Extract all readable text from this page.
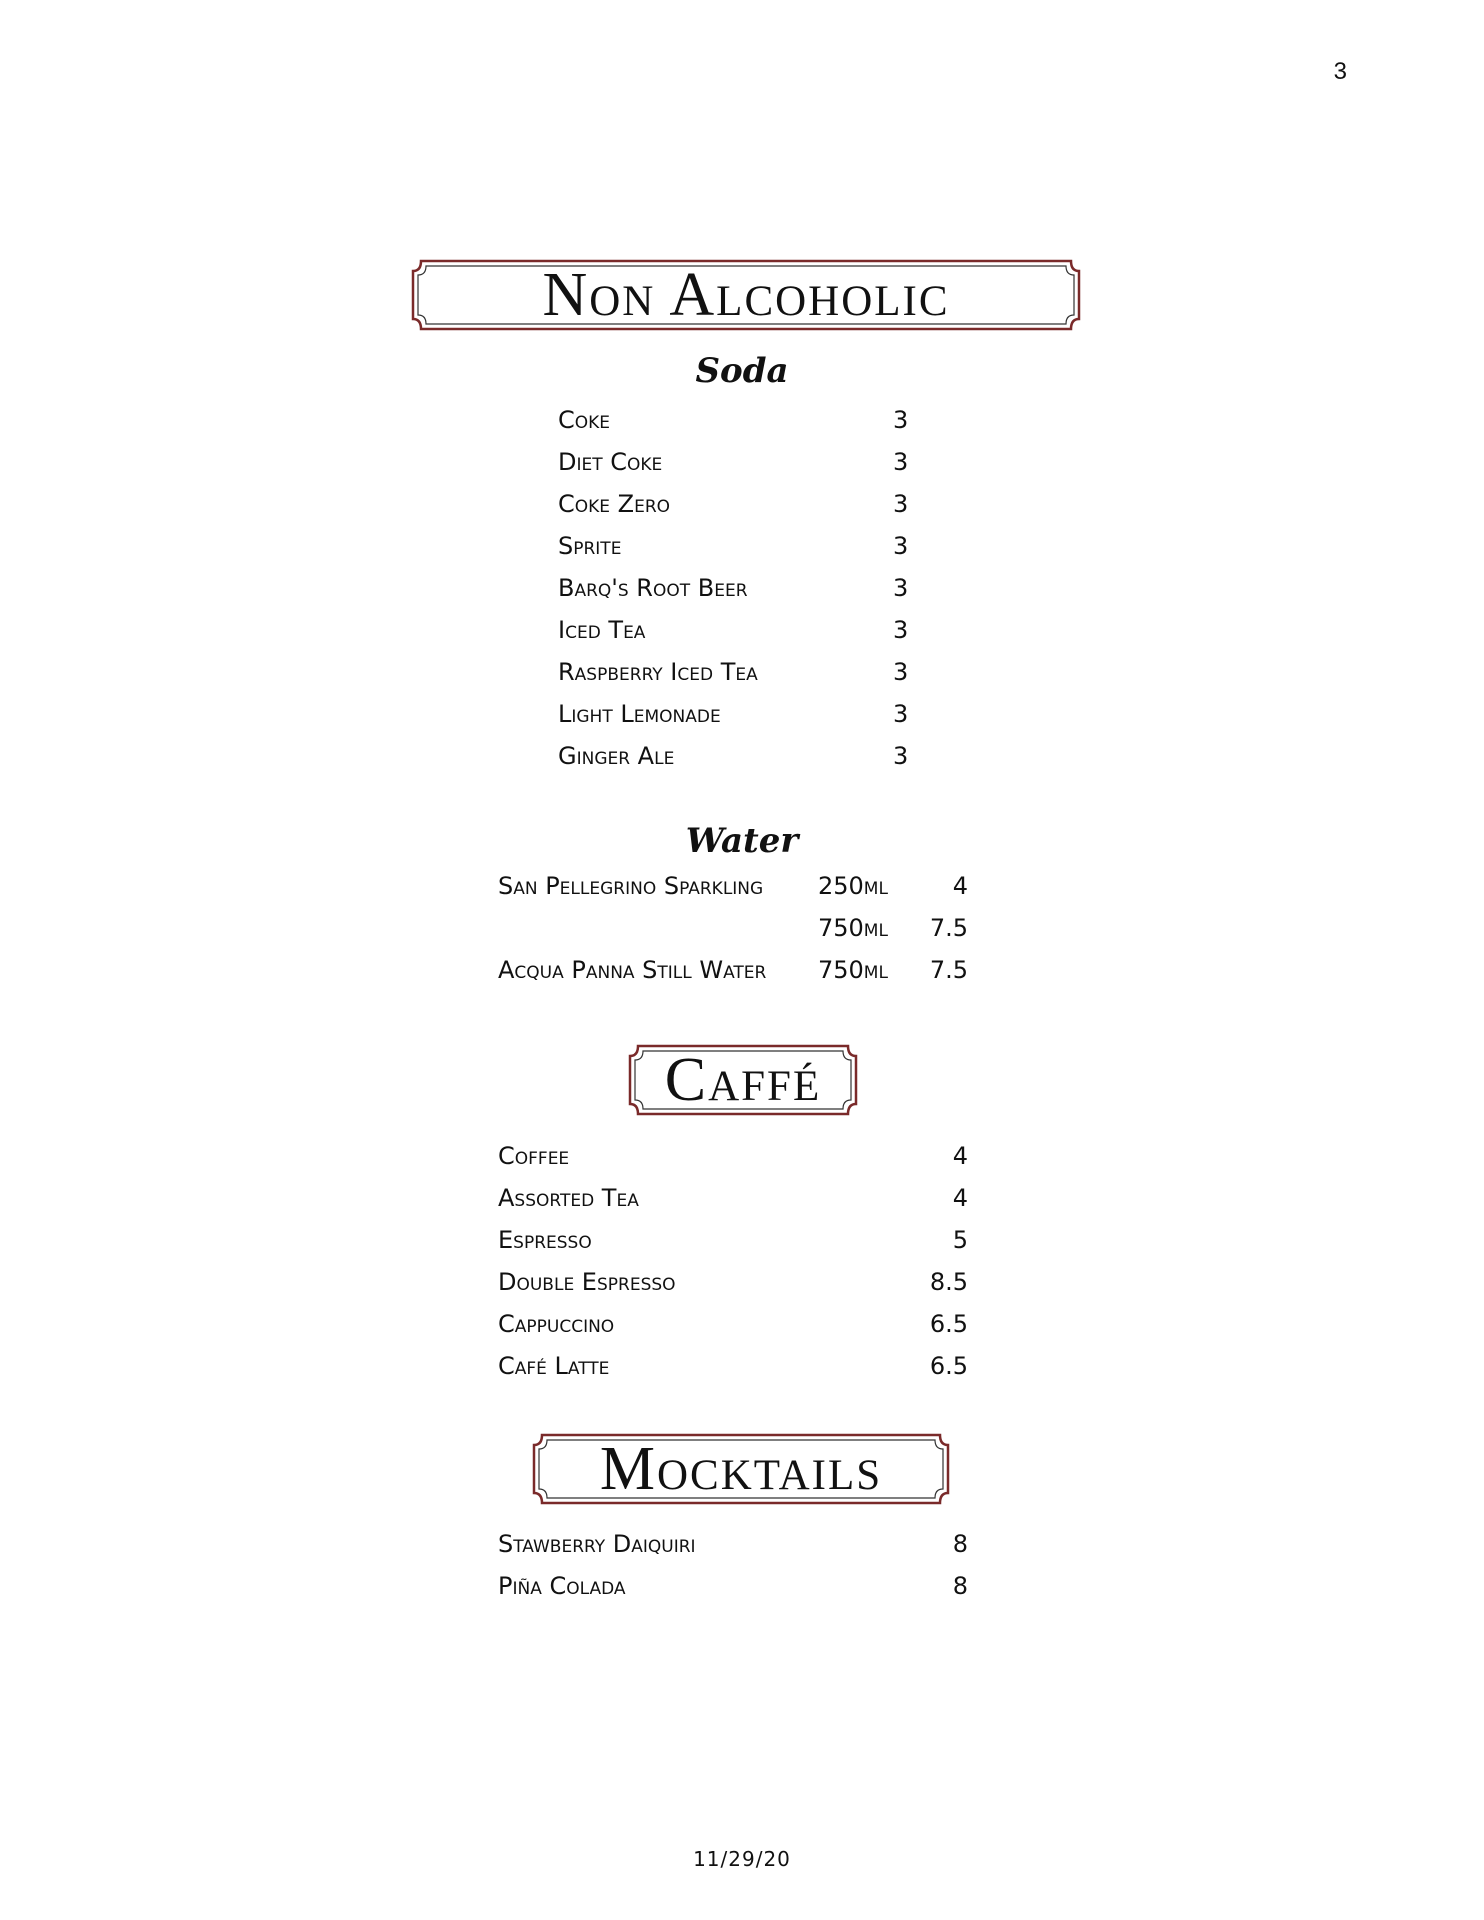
3
Non Alcoholic
Soda
Coke	3
Diet Coke	3
Coke Zero	3
Sprite	3
Barq's Root Beer	3
Iced Tea	3
Raspberry Iced Tea	3
Light Lemonade	3
Ginger Ale	3
Water
San Pellegrino Sparkling 250ml	4
750ml 7.5
Acqua Panna Still Water 750ml 7.5
Caffé
Coffee	4
Assorted Tea	4
Espresso	5
Double Espresso	8.5
Cappuccino	6.5
Café Latte	6.5
Mocktails
Stawberry Daiquiri	8
Piña Colada	8
11/29/20
